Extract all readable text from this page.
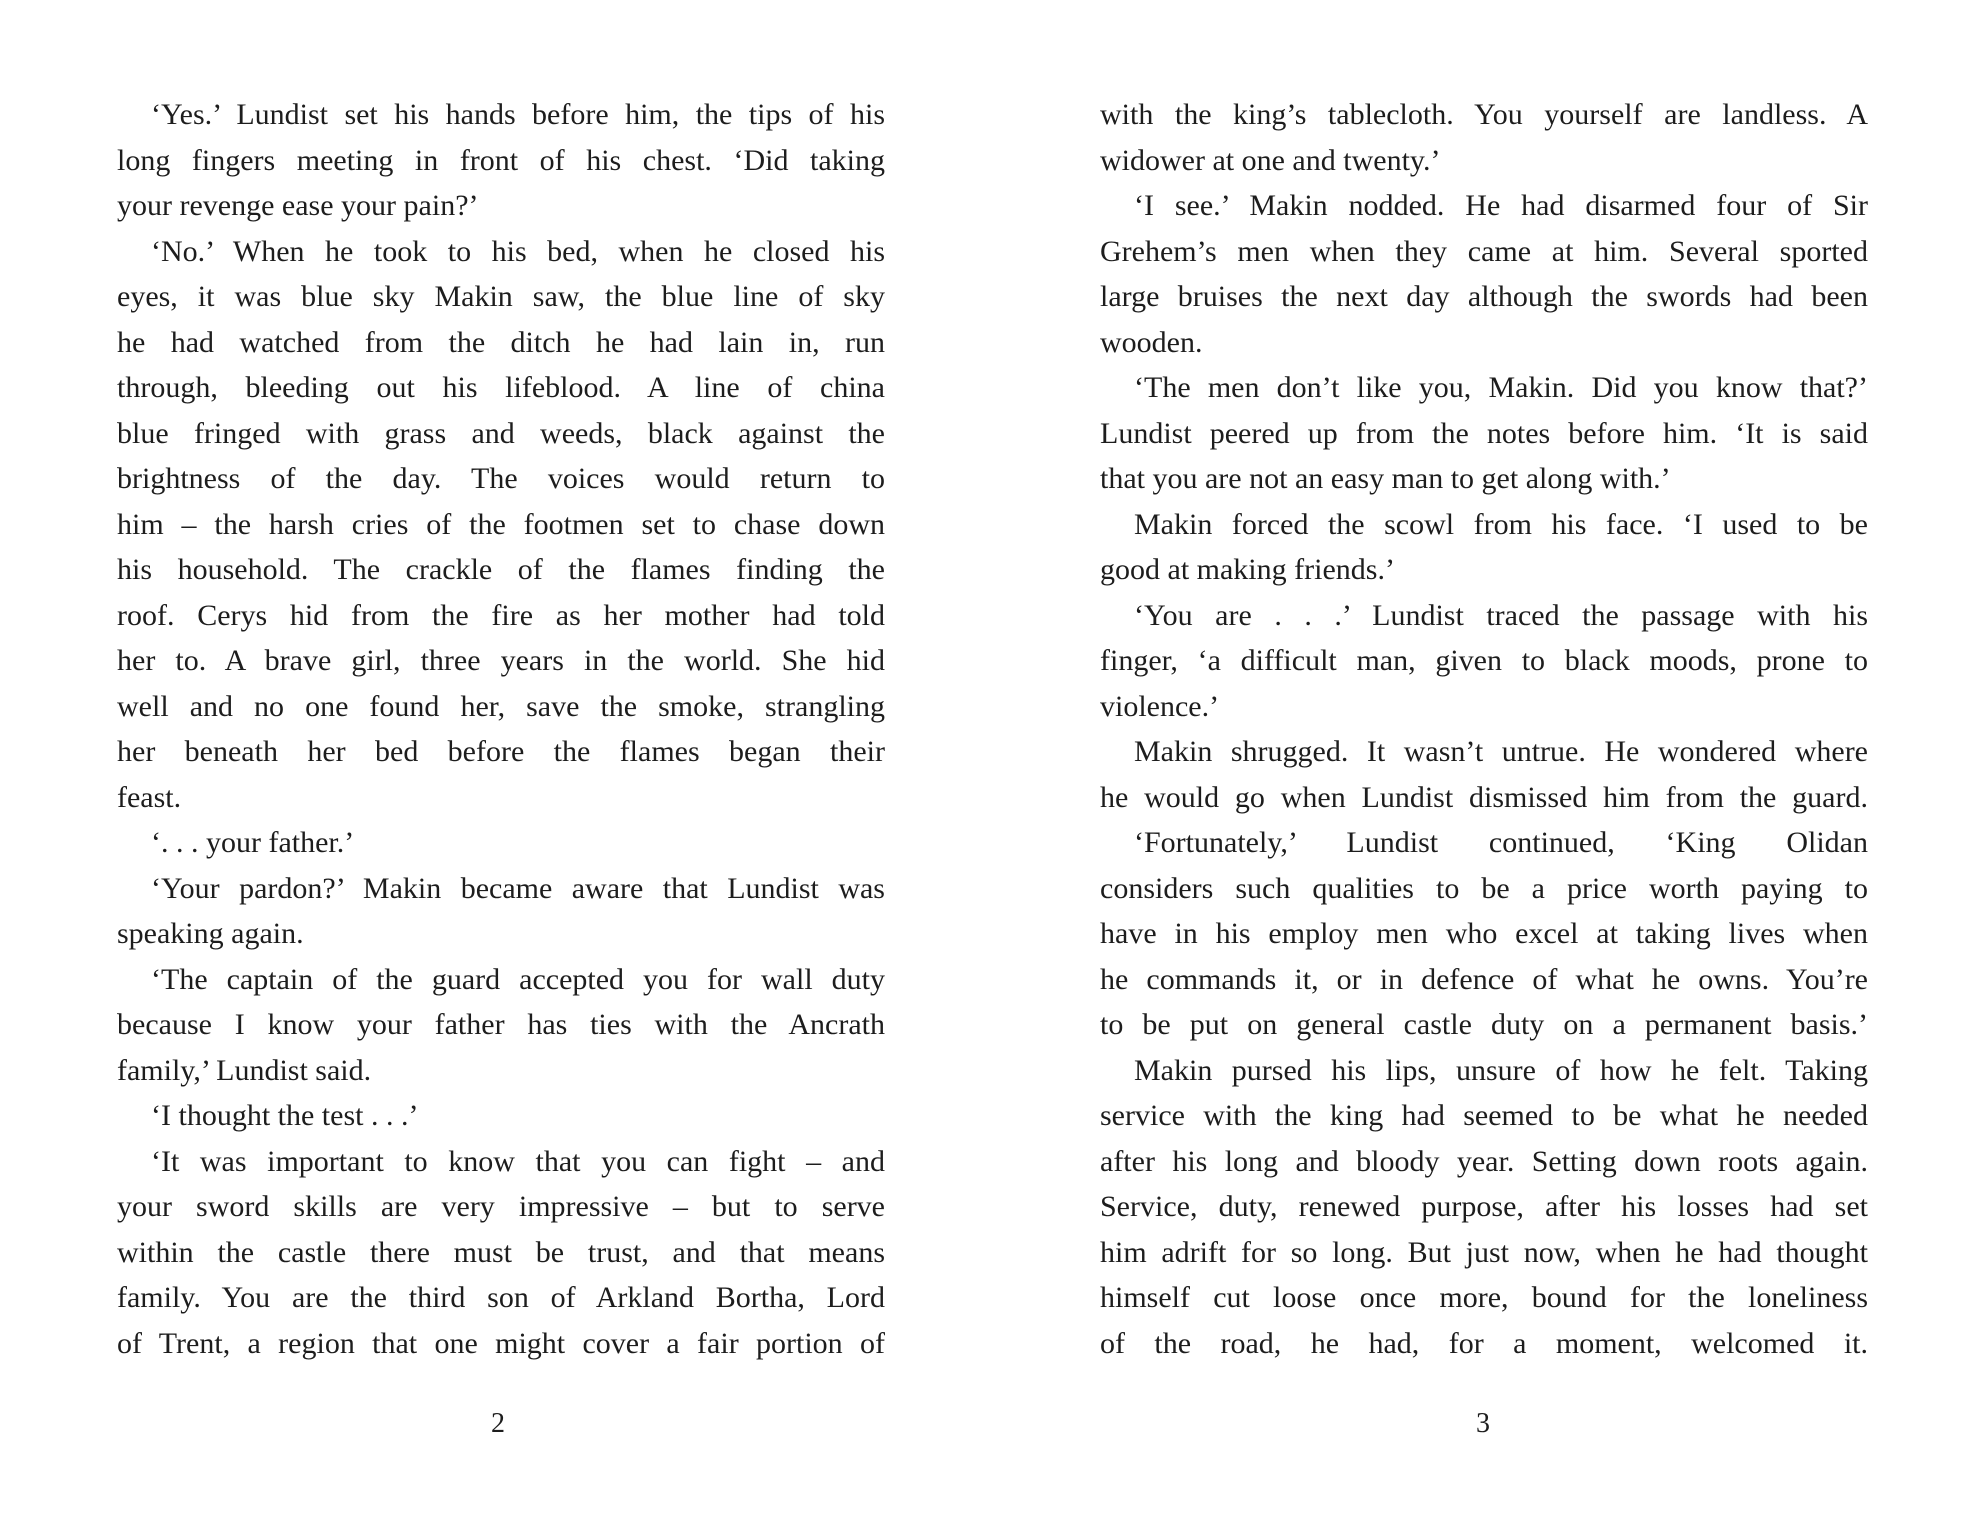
‘Yes.’ Lundist set his hands before him, the tips of his
long fingers meeting in front of his chest. ‘Did taking
your revenge ease your pain?’
‘No.’ When he took to his bed, when he closed his
eyes, it was blue sky Makin saw, the blue line of sky
he had watched from the ditch he had lain in, run
through, bleeding out his lifeblood. A line of china
blue fringed with grass and weeds, black against the
brightness of the day. The voices would return to
him – the harsh cries of the footmen set to chase down
his household. The crackle of the flames finding the
roof. Cerys hid from the fire as her mother had told
her to. A brave girl, three years in the world. She hid
well and no one found her, save the smoke, strangling
her beneath her bed before the flames began their
feast.
‘. . . your father.’
‘Your pardon?’ Makin became aware that Lundist was
speaking again.
‘The captain of the guard accepted you for wall duty
because I know your father has ties with the Ancrath
family,’ Lundist said.
‘I thought the test . . .’
‘It was important to know that you can fight – and
your sword skills are very impressive – but to serve
within the castle there must be trust, and that means
family. You are the third son of Arkland Bortha, Lord
of Trent, a region that one might cover a fair portion of
2
with the king’s tablecloth. You yourself are landless. A
widower at one and twenty.’
‘I see.’ Makin nodded. He had disarmed four of Sir
Grehem’s men when they came at him. Several sported
large bruises the next day although the swords had been
wooden.
‘The men don’t like you, Makin. Did you know that?’
Lundist peered up from the notes before him. ‘It is said
that you are not an easy man to get along with.’
Makin forced the scowl from his face. ‘I used to be
good at making friends.’
‘You are . . .’ Lundist traced the passage with his
finger, ‘a difficult man, given to black moods, prone to
violence.’
Makin shrugged. It wasn’t untrue. He wondered where
he would go when Lundist dismissed him from the guard.
‘Fortunately,’ Lundist continued, ‘King Olidan
considers such qualities to be a price worth paying to
have in his employ men who excel at taking lives when
he commands it, or in defence of what he owns. You’re
to be put on general castle duty on a permanent basis.’
Makin pursed his lips, unsure of how he felt. Taking
service with the king had seemed to be what he needed
after his long and bloody year. Setting down roots again.
Service, duty, renewed purpose, after his losses had set
him adrift for so long. But just now, when he had thought
himself cut loose once more, bound for the loneliness
of the road, he had, for a moment, welcomed it.
3
